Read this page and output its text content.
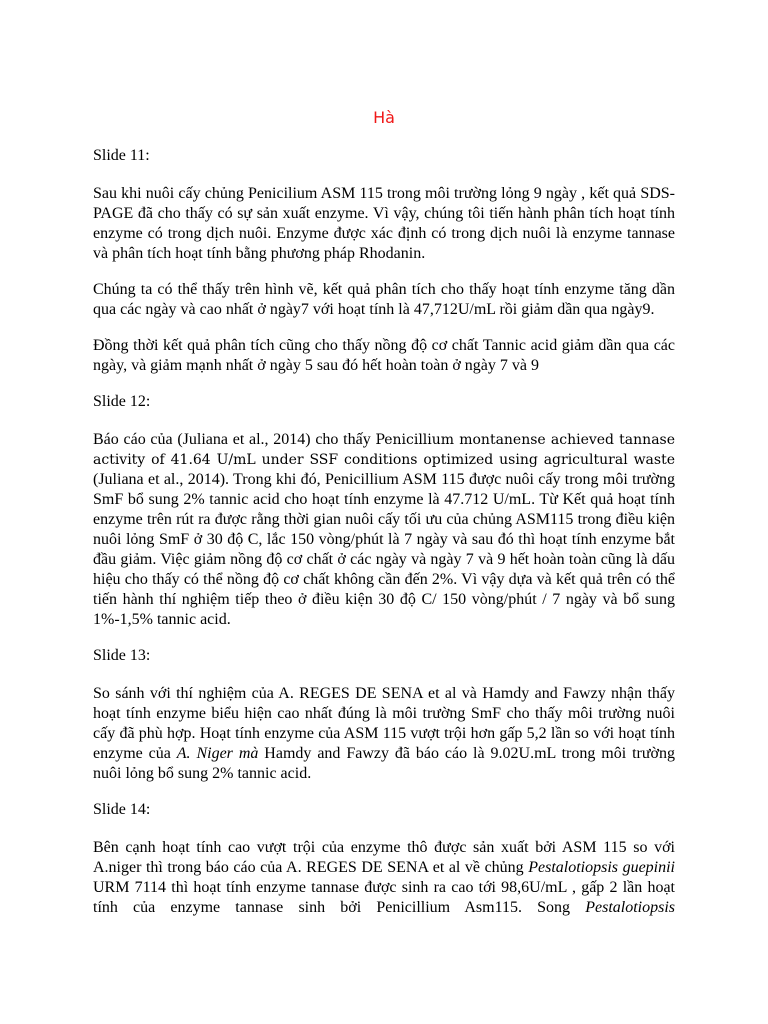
Hà

Slide 11:

Sau khi nuôi cấy chủng Penicilium ASM 115 trong môi trường lỏng 9 ngày , kết quả SDS-PAGE đã cho thấy có sự sản xuất enzyme. Vì vậy, chúng tôi tiến hành phân tích hoạt tính enzyme có trong dịch nuôi. Enzyme được xác định có trong dịch nuôi là enzyme tannase và phân tích hoạt tính bằng phương pháp Rhodanin.

Chúng ta có thể thấy trên hình vẽ, kết quả phân tích cho thấy hoạt tính enzyme tăng dần qua các ngày và cao nhất ở ngày7 với hoạt tính là 47,712U/mL rồi giảm dần qua ngày9.

Đồng thời kết quả phân tích cũng cho thấy nồng độ cơ chất Tannic acid giảm dần qua các ngày, và giảm mạnh nhất ở ngày 5 sau đó hết hoàn toàn ở ngày 7 và 9

Slide 12:

Báo cáo của (Juliana et al., 2014) cho thấy Penicillium montanense achieved tannase activity of 41.64 U/mL under SSF conditions optimized using agricultural waste (Juliana et al., 2014). Trong khi đó, Penicillium ASM 115 được nuôi cấy trong môi trường SmF bổ sung 2% tannic acid cho hoạt tính enzyme là 47.712 U/mL. Từ Kết quả hoạt tính enzyme trên rút ra được rằng thời gian nuôi cấy tối ưu của chủng ASM115 trong điều kiện nuôi lỏng SmF ở 30 độ C, lắc 150 vòng/phút là 7 ngày và sau đó thì hoạt tính enzyme bắt đầu giảm. Việc giảm nồng độ cơ chất ở các ngày và ngày 7 và 9 hết hoàn toàn cũng là dấu hiệu cho thấy có thể nồng độ cơ chất không cần đến 2%. Vì vậy dựa và kết quả trên có thể tiến hành thí nghiệm tiếp theo ở điều kiện 30 độ C/ 150 vòng/phút / 7 ngày và bổ sung 1%-1,5% tannic acid.

Slide 13:

So sánh với thí nghiệm của A. REGES DE SENA et al và Hamdy and Fawzy nhận thấy hoạt tính enzyme biểu hiện cao nhất đúng là môi trường SmF cho thấy môi trường nuôi cấy đã phù hợp. Hoạt tính enzyme của ASM 115 vượt trội hơn gấp 5,2 lần so với hoạt tính enzyme của A. Niger mà Hamdy and Fawzy đã báo cáo là 9.02U.mL trong môi trường nuôi lỏng bổ sung 2% tannic acid.

Slide 14:

Bên cạnh hoạt tính cao vượt trội của enzyme thô được sản xuất bởi ASM 115 so với A.niger thì trong báo cáo của A. REGES DE SENA et al về chủng Pestalotiopsis guepinii URM 7114 thì hoạt tính enzyme tannase được sinh ra cao tới 98,6U/mL , gấp 2 lần hoạt tính của enzyme tannase sinh bởi Penicillium Asm115. Song Pestalotiopsis
